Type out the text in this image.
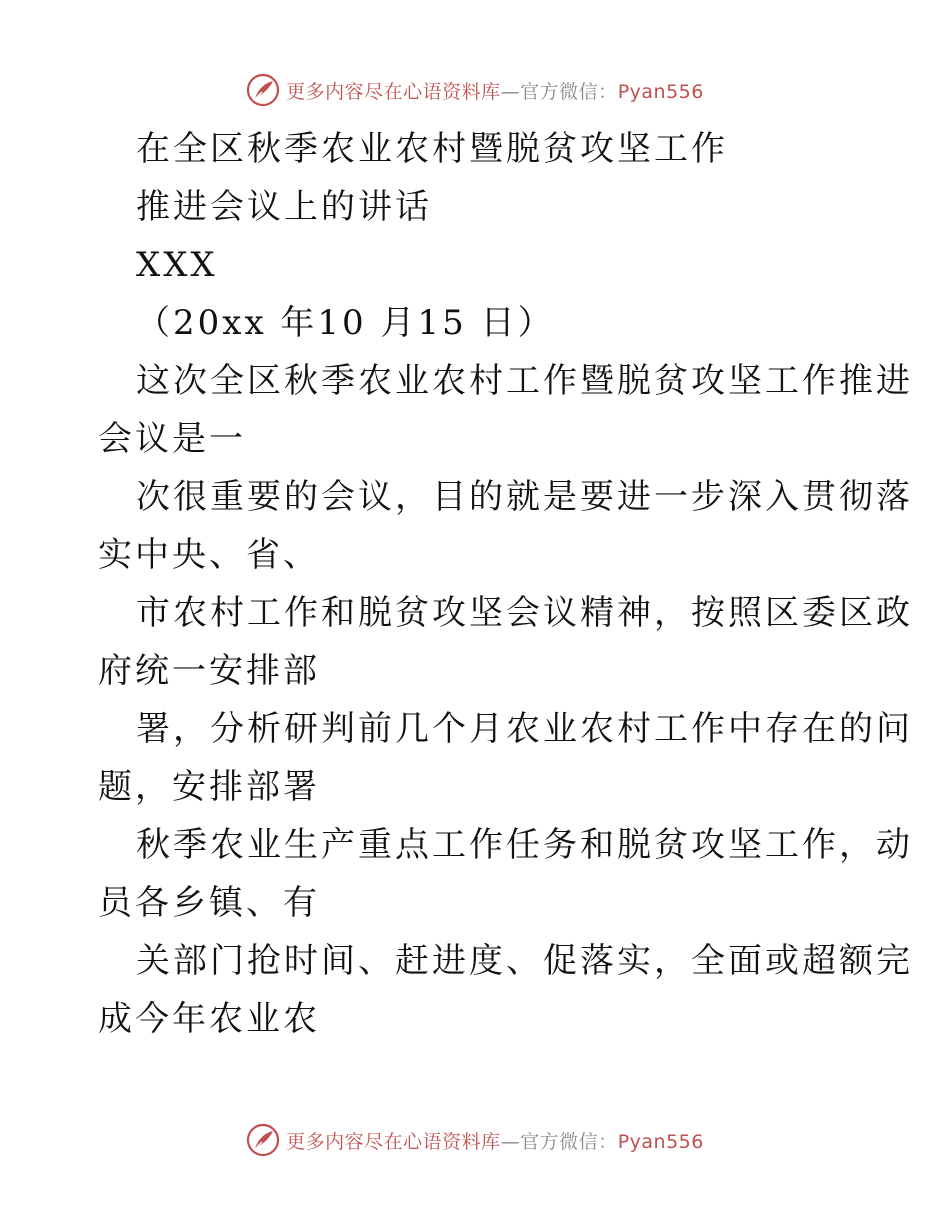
更多内容尽在心语资料库—官方微信：Pyan556
在全区秋季农业农村暨脱贫攻坚工作
推进会议上的讲话
XXX
（20xx 年10 月15 日）
这次全区秋季农业农村工作暨脱贫攻坚工作推进
会议是一
次很重要的会议，目的就是要进一步深入贯彻落
实中央、省、
市农村工作和脱贫攻坚会议精神，按照区委区政
府统一安排部
署，分析研判前几个月农业农村工作中存在的问
题，安排部署
秋季农业生产重点工作任务和脱贫攻坚工作，动
员各乡镇、有
关部门抢时间、赶进度、促落实，全面或超额完
成今年农业农
更多内容尽在心语资料库—官方微信：Pyan556
